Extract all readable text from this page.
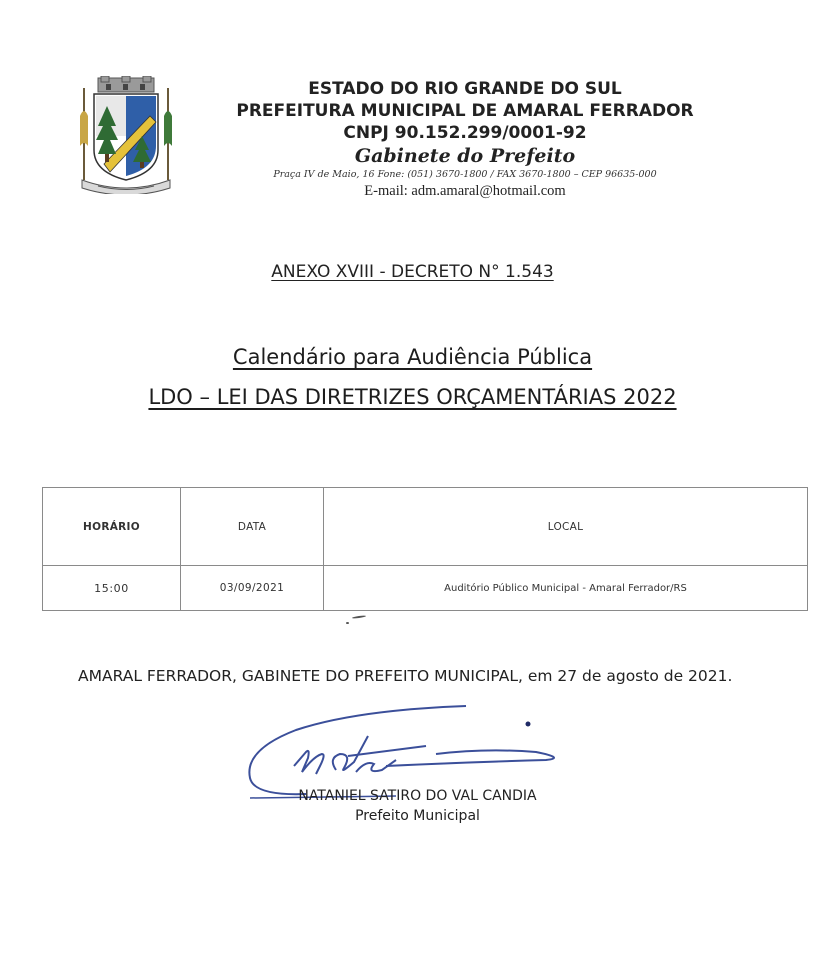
ESTADO DO RIO GRANDE DO SUL
PREFEITURA MUNICIPAL DE AMARAL FERRADOR
CNPJ 90.152.299/0001-92
Gabinete do Prefeito
Praça IV de Maio, 16 Fone: (051) 3670-1800 / FAX 3670-1800 – CEP 96635-000
E-mail: adm.amaral@hotmail.com
ANEXO XVIII - DECRETO N° 1.543
Calendário para Audiência Pública
LDO – LEI DAS DIRETRIZES ORÇAMENTÁRIAS 2022
HORÁRIO	DATA	LOCAL
15:00	03/09/2021	Auditório Público Municipal - Amaral Ferrador/RS
AMARAL FERRADOR, GABINETE DO PREFEITO MUNICIPAL, em 27 de agosto de 2021.
NATANIEL SATIRO DO VAL CANDIA
Prefeito Municipal
